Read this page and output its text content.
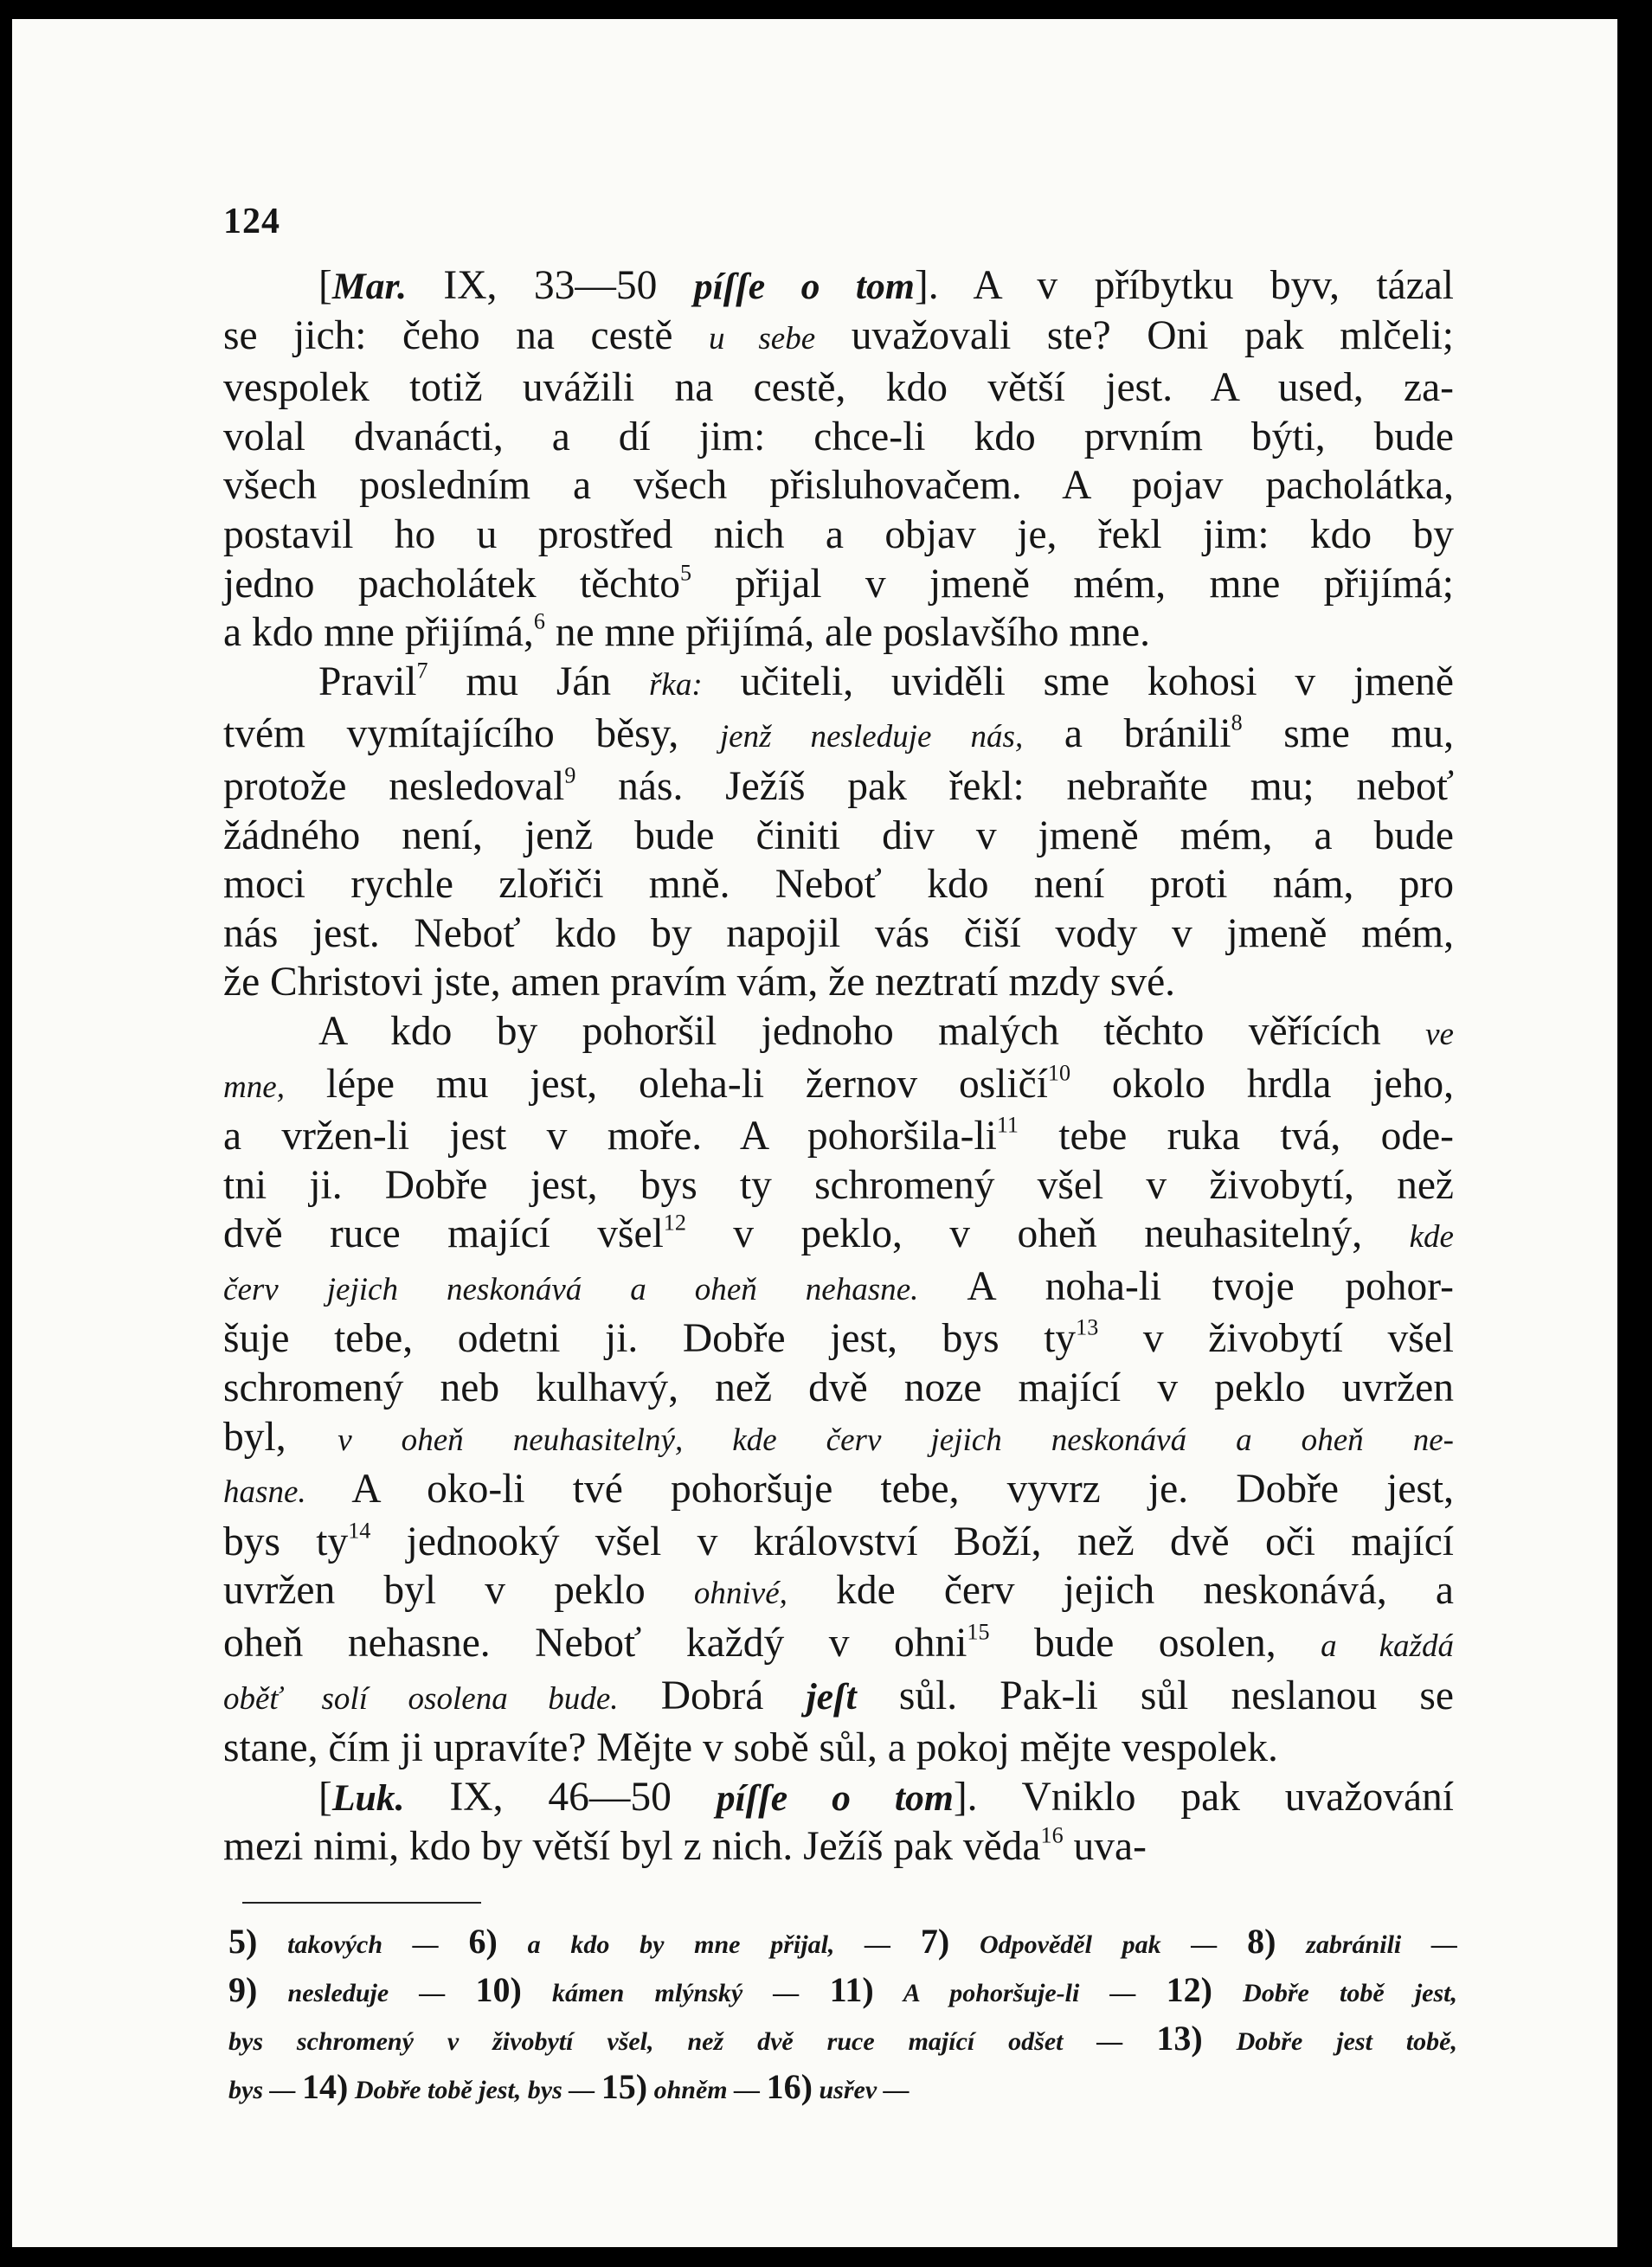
124

[Mar. IX, 33—50 píſſe o tom]. A v příbytku byv, tázal
se jich: čeho na cestě u sebe uvažovali ste? Oni pak mlčeli;
vespolek totiž uvážili na cestě, kdo větší jest. A used, za-
volal dvanácti, a dí jim: chce-li kdo prvním býti, bude
všech posledním a všech přisluhovačem. A pojav pacholátka,
postavil ho u prostřed nich a objav je, řekl jim: kdo by
jedno pacholátek těchto$^5$ přijal v jmeně mém, mne přijímá;
a kdo mne přijímá,$^6$ ne mne přijímá, ale poslavšího mne.

Pravil$^7$ mu Ján řka: učiteli, uviděli sme kohosi v jmeně
tvém vymítajícího běsy, jenž nesleduje nás, a bránili$^8$ sme mu,
protože nesledoval$^9$ nás. Ježíš pak řekl: nebraňte mu; neboť
žádného není, jenž bude činiti div v jmeně mém, a bude
moci rychle zlořiči mně. Neboť kdo není proti nám, pro
nás jest. Neboť kdo by napojil vás čiší vody v jmeně mém,
že Christovi jste, amen pravím vám, že neztratí mzdy své.

A kdo by pohoršil jednoho malých těchto věřících ve
mne, lépe mu jest, oleha-li žernov osličí$^{10}$ okolo hrdla jeho,
a vržen-li jest v moře. A pohoršila-$li^{11}$ tebe ruka tvá, ode-
tni ji. Dobře jest, bys ty schromený všel v živobytí, než
dvě ruce mající všel$^{12}$ v peklo, v oheň neuhasitelný, kde
červ jejich neskonává a oheň nehasne. A noha-li tvoje pohor-
šuje tebe, odetni ji. Dobře jest, bys $ty^{13}$ v živobytí všel
schromený neb kulhavý, než dvě noze mající v peklo uvržen
byl, v oheň neuhasitelný, kde červ jejich neskonává a oheň ne-
hasne. A oko-li tvé pohoršuje tebe, vyvrz je. Dobře jest,
bys $ty^{14}$ jednooký všel v království Boží, než dvě oči mající
uvržen byl v peklo ohnivé, kde červ jejich neskonává, a
oheň nehasne. Neboť každý v ohni$^{15}$ bude osolen, a každá
oběť solí osolena bude. Dobrá jeſt sůl. Pak-li sůl neslanou se
stane, čím ji upravíte? Mějte v sobě sůl, a pokoj mějte vespolek.

[Luk. IX, 46—50 píſſe o tom]. Vniklo pak uvažování
mezi nimi, kdo by větší byl z nich. Ježíš pak věda$^{16}$ uva-

5) takových — 6) a kdo by mne přijal, — 7) Odpověděl pak — 8) zabránili —
9) nesleduje — 10) kámen mlýnský — 11) A pohoršuje-li — 12) Dobře tobě jest,
bys schromený v živobytí všel, než dvě ruce mající odšet — 13) Dobře jest tobě,
bys — 14) Dobře tobě jest, bys — 15) ohněm — 16) usřev —
